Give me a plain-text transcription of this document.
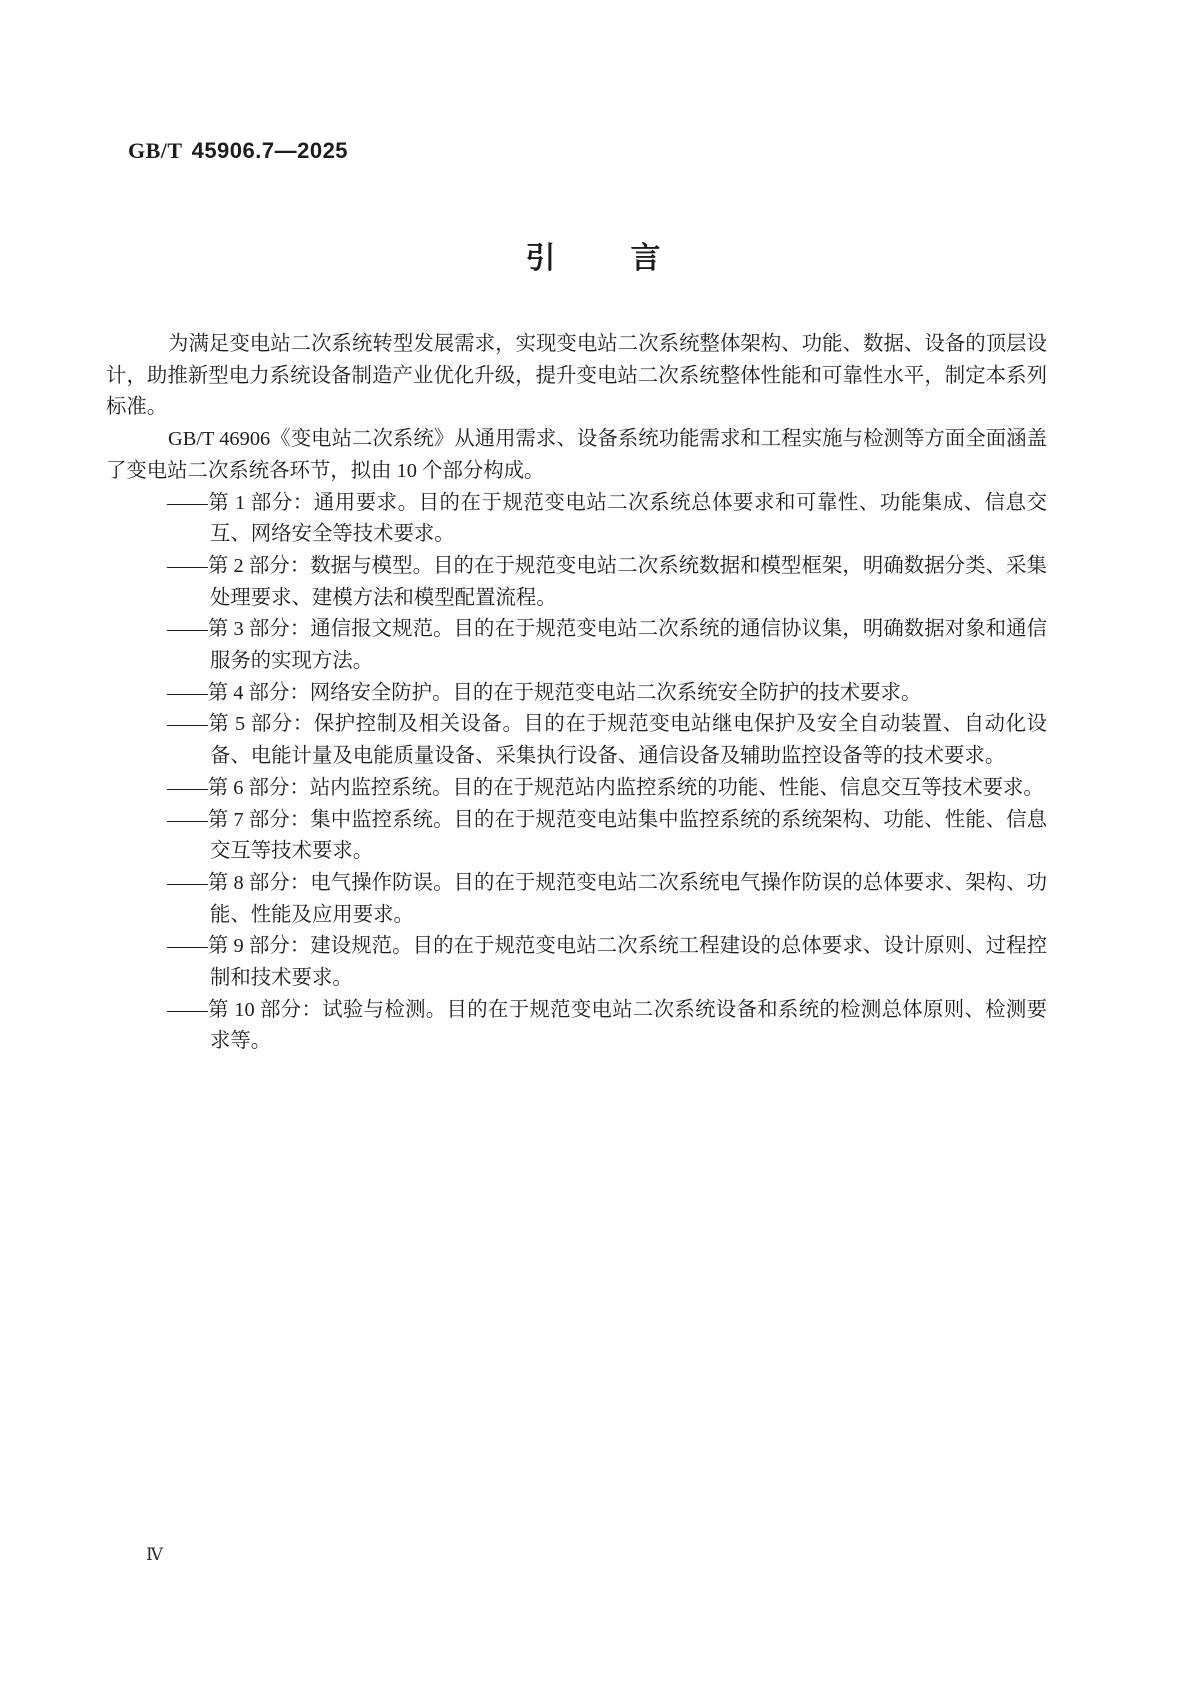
GB/T 45906.7—2025
引　　言

为满足变电站二次系统转型发展需求，实现变电站二次系统整体架构、功能、数据、设备的顶层设计，助推新型电力系统设备制造产业优化升级，提升变电站二次系统整体性能和可靠性水平，制定本系列标准。

GB/T 46906《变电站二次系统》从通用需求、设备系统功能需求和工程实施与检测等方面全面涵盖了变电站二次系统各环节，拟由 10 个部分构成。

——第 1 部分：通用要求。目的在于规范变电站二次系统总体要求和可靠性、功能集成、信息交互、网络安全等技术要求。

——第 2 部分：数据与模型。目的在于规范变电站二次系统数据和模型框架，明确数据分类、采集处理要求、建模方法和模型配置流程。

——第 3 部分：通信报文规范。目的在于规范变电站二次系统的通信协议集，明确数据对象和通信服务的实现方法。

——第 4 部分：网络安全防护。目的在于规范变电站二次系统安全防护的技术要求。

——第 5 部分：保护控制及相关设备。目的在于规范变电站继电保护及安全自动装置、自动化设备、电能计量及电能质量设备、采集执行设备、通信设备及辅助监控设备等的技术要求。

——第 6 部分：站内监控系统。目的在于规范站内监控系统的功能、性能、信息交互等技术要求。

——第 7 部分：集中监控系统。目的在于规范变电站集中监控系统的系统架构、功能、性能、信息交互等技术要求。

——第 8 部分：电气操作防误。目的在于规范变电站二次系统电气操作防误的总体要求、架构、功能、性能及应用要求。

——第 9 部分：建设规范。目的在于规范变电站二次系统工程建设的总体要求、设计原则、过程控制和技术要求。

——第 10 部分：试验与检测。目的在于规范变电站二次系统设备和系统的检测总体原则、检测要求等。

Ⅳ
